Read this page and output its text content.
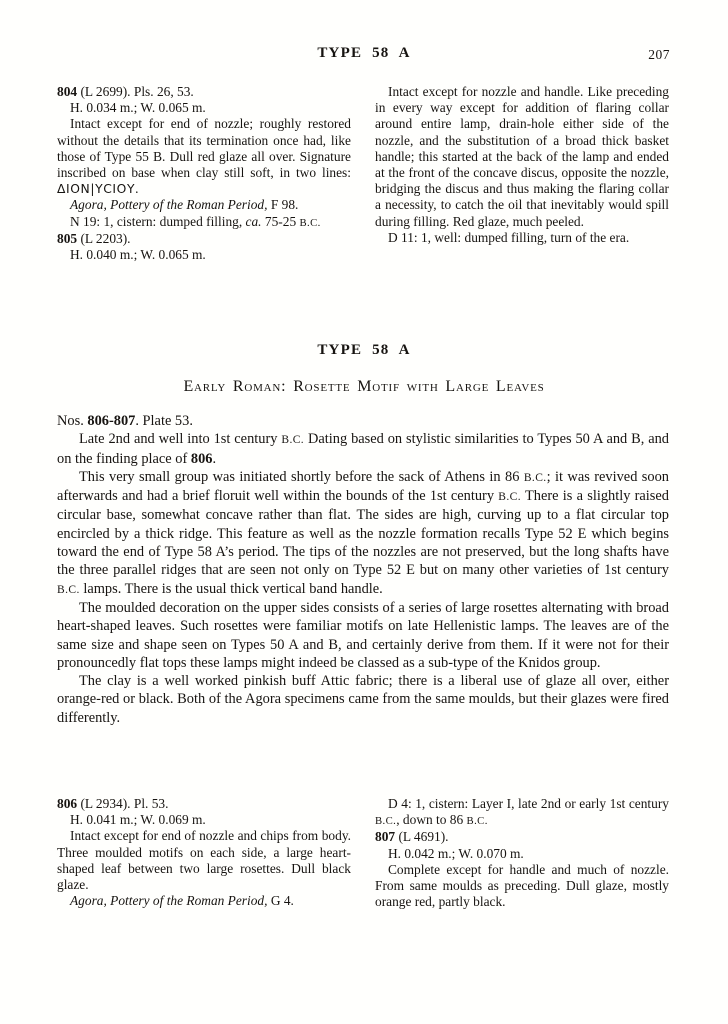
TYPE 58 A	207

804 (L 2699). Pls. 26, 53.

H. 0.034 m.; W. 0.065 m.

Intact except for end of nozzle; roughly restored without the details that its termination once had, like those of Type 55 B. Dull red glaze all over. Signature inscribed on base when clay still soft, in two lines: ΔΙΟΝ|ΥCΙΟΥ.

Agora, Pottery of the Roman Period, F 98.

N 19: 1, cistern: dumped filling, ca. 75-25 B.C.

805 (L 2203).

H. 0.040 m.; W. 0.065 m.

Intact except for nozzle and handle. Like preceding in every way except for addition of flaring collar around entire lamp, drain-hole either side of the nozzle, and the substitution of a broad thick basket handle; this started at the back of the lamp and ended at the front of the concave discus, opposite the nozzle, bridging the discus and thus making the flaring collar a necessity, to catch the oil that inevitably would spill during filling. Red glaze, much peeled.

D 11: 1, well: dumped filling, turn of the era.

TYPE 58 A
Early Roman: Rosette Motif with Large Leaves

Nos. 806-807. Plate 53.

Late 2nd and well into 1st century B.C. Dating based on stylistic similarities to Types 50 A and B, and on the finding place of 806.

This very small group was initiated shortly before the sack of Athens in 86 B.C.; it was revived soon afterwards and had a brief floruit well within the bounds of the 1st century B.C. There is a slightly raised circular base, somewhat concave rather than flat. The sides are high, curving up to a flat circular top encircled by a thick ridge. This feature as well as the nozzle formation recalls Type 52 E which begins toward the end of Type 58 A’s period. The tips of the nozzles are not preserved, but the long shafts have the three parallel ridges that are seen not only on Type 52 E but on many other varieties of 1st century B.C. lamps. There is the usual thick vertical band handle.

The moulded decoration on the upper sides consists of a series of large rosettes alternating with broad heart-shaped leaves. Such rosettes were familiar motifs on late Hellenistic lamps. The leaves are of the same size and shape seen on Types 50 A and B, and certainly derive from them. If it were not for their pronouncedly flat tops these lamps might indeed be classed as a sub-type of the Knidos group.

The clay is a well worked pinkish buff Attic fabric; there is a liberal use of glaze all over, either orange-red or black. Both of the Agora specimens came from the same moulds, but their glazes were fired differently.

806 (L 2934). Pl. 53.

H. 0.041 m.; W. 0.069 m.

Intact except for end of nozzle and chips from body. Three moulded motifs on each side, a large heart-shaped leaf between two large rosettes. Dull black glaze.

Agora, Pottery of the Roman Period, G 4.

D 4: 1, cistern: Layer I, late 2nd or early 1st century B.C., down to 86 B.C.

807 (L 4691).

H. 0.042 m.; W. 0.070 m.

Complete except for handle and much of nozzle. From same moulds as preceding. Dull glaze, mostly orange red, partly black.
